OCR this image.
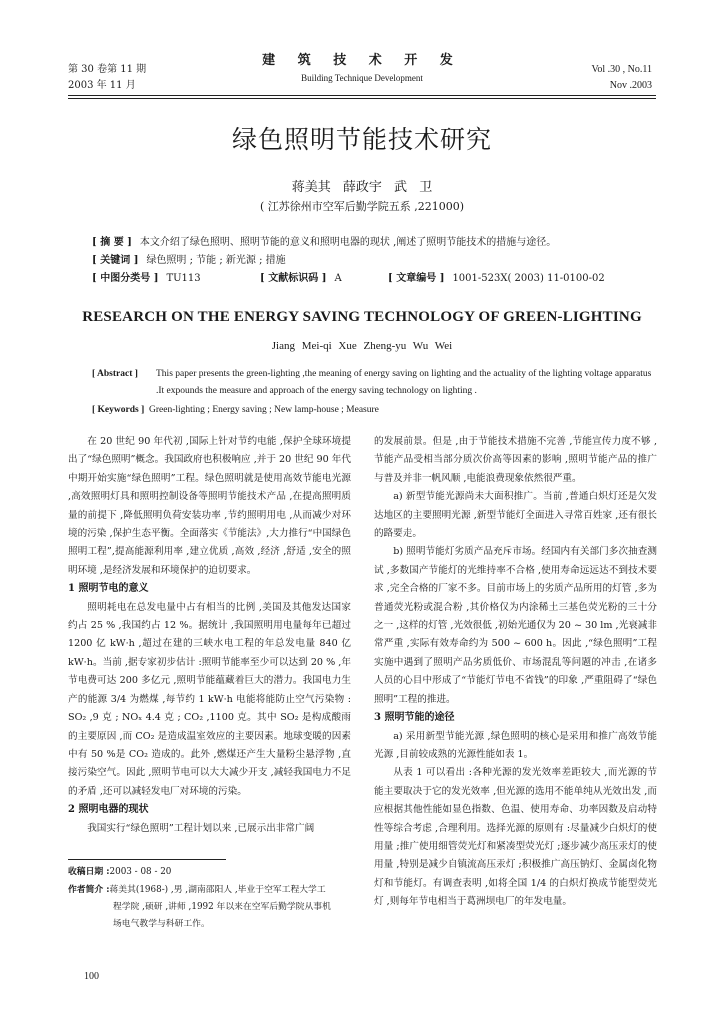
第 30 卷第 11 期
2003 年 11 月
建 筑 技 术 开 发
Building Technique Development
Vol .30 , No.11
Nov .2003
绿色照明节能技术研究
蒋美其 薛政宇 武 卫
( 江苏徐州市空军后勤学院五系 ,221000)
[ 摘 要 ] 本文介绍了绿色照明、照明节能的意义和照明电器的现状 ,阐述了照明节能技术的措施与途径。
[ 关键词 ] 绿色照明 ; 节能 ; 新光源 ; 措施
[ 中图分类号 ] TU113	[ 文献标识码 ] A	[ 文章编号 ] 1001-523X( 2003) 11-0100-02
RESEARCH ON THE ENERGY SAVING TECHNOLOGY OF GREEN-LIGHTING
Jiang Mei-qi Xue Zheng-yu Wu Wei
[ Abstract ] This paper presents the green-lighting ,the meaning of energy saving on lighting and the actuality of the lighting voltage apparatus .It expounds the measure and approach of the energy saving technology on lighting .
[ Keywords ] Green-lighting ; Energy saving ; New lamp-house ; Measure

在 20 世纪 90 年代初 ,国际上针对节约电能 ,保护全球环境提出了“绿色照明”概念。我国政府也积极响应 ,并于 20 世纪 90 年代中期开始实施“绿色照明”工程。绿色照明就是使用高效节能电光源 ,高效照明灯具和照明控制设备等照明节能技术产品 ,在提高照明质量的前提下 ,降低照明负荷安装功率 ,节约照明用电 ,从而减少对环境的污染 ,保护生态平衡。全面落实《节能法》,大力推行“中国绿色照明工程”,提高能源利用率 ,建立优质 ,高效 ,经济 ,舒适 ,安全的照明环境 ,是经济发展和环境保护的迫切要求。

1 照明节电的意义

照明耗电在总发电量中占有相当的比例 ,美国及其他发达国家约占 25 % ,我国约占 12 %。据统计 ,我国照明用电量每年已超过 1200 亿 kW·h ,超过在建的三峡水电工程的年总发电量 840 亿 kW·h。当前 ,据专家初步估计 :照明节能率至少可以达到 20 % ,年节电费可达 200 多亿元 ,照明节能蕴藏着巨大的潜力。我国电力生产的能源 3/4 为燃煤 ,每节约 1 kW·h 电能将能防止空气污染物 : SO₂ ,9 克 ; NOₓ 4.4 克 ; CO₂ ,1100 克。其中 SO₂ 是构成酸雨的主要原因 ,而 CO₂ 是造成温室效应的主要因素。地球变暖的因素中有 50 %是 CO₂ 造成的。此外 ,燃煤还产生大量粉尘悬浮物 ,直接污染空气。因此 ,照明节电可以大大减少开支 ,减轻我国电力不足的矛盾 ,还可以减轻发电厂对环境的污染。

2 照明电器的现状

我国实行“绿色照明”工程计划以来 ,已展示出非常广阔

的发展前景。但是 ,由于节能技术措施不完善 ,节能宣传力度不够 ,节能产品受相当部分质次价高等因素的影响 ,照明节能产品的推广与普及并非一帆风顺 ,电能浪费现象依然很严重。

a) 新型节能光源尚未大面积推广。当前 ,普通白炽灯还是欠发达地区的主要照明光源 ,新型节能灯全面进入寻常百姓家 ,还有很长的路要走。

b) 照明节能灯劣质产品充斥市场。经国内有关部门多次抽查测试 ,多数国产节能灯的光维持率不合格 ,使用寿命远远达不到技术要求 ,完全合格的厂家不多。目前市场上的劣质产品所用的灯管 ,多为普通荧光粉或混合粉 ,其价格仅为内涂稀土三基色荧光粉的三十分之一 ,这样的灯管 ,光效很低 ,初始光通仅为 20 ~ 30 lm ,光衰减非常严重 ,实际有效寿命约为 500 ~ 600 h。因此 ,“绿色照明”工程实施中遇到了照明产品劣质低价、市场混乱等问题的冲击 ,在诸多人员的心目中形成了“节能灯节电不省钱”的印象 ,严重阻碍了“绿色照明”工程的推进。

3 照明节能的途径

a) 采用新型节能光源 ,绿色照明的核心是采用和推广高效节能光源 ,目前较成熟的光源性能如表 1。

从表 1 可以看出 :各种光源的发光效率差距较大 ,而光源的节能主要取决于它的发光效率 ,但光源的选用不能单纯从光效出发 ,而应根据其他性能如显色指数、色温、使用寿命、功率因数及启动特性等综合考虑 ,合理利用。选择光源的原则有 :尽量减少白炽灯的使用量 ;推广使用细管荧光灯和紧凑型荧光灯 ;逐步减少高压汞灯的使用量 ,特别是减少自镇流高压汞灯 ;积极推广高压钠灯、金属卤化物灯和节能灯。有调查表明 ,如将全国 1/4 的白炽灯换成节能型荧光灯 ,则每年节电相当于葛洲坝电厂的年发电量。

收稿日期 :2003 - 08 - 20
作者简介 :蒋美其(1968-) ,男 ,湖南邵阳人 ,毕业于空军工程大学工
程学院 ,硕研 ,讲师 ,1992 年以来在空军后勤学院从事机
场电气教学与科研工作。
100
